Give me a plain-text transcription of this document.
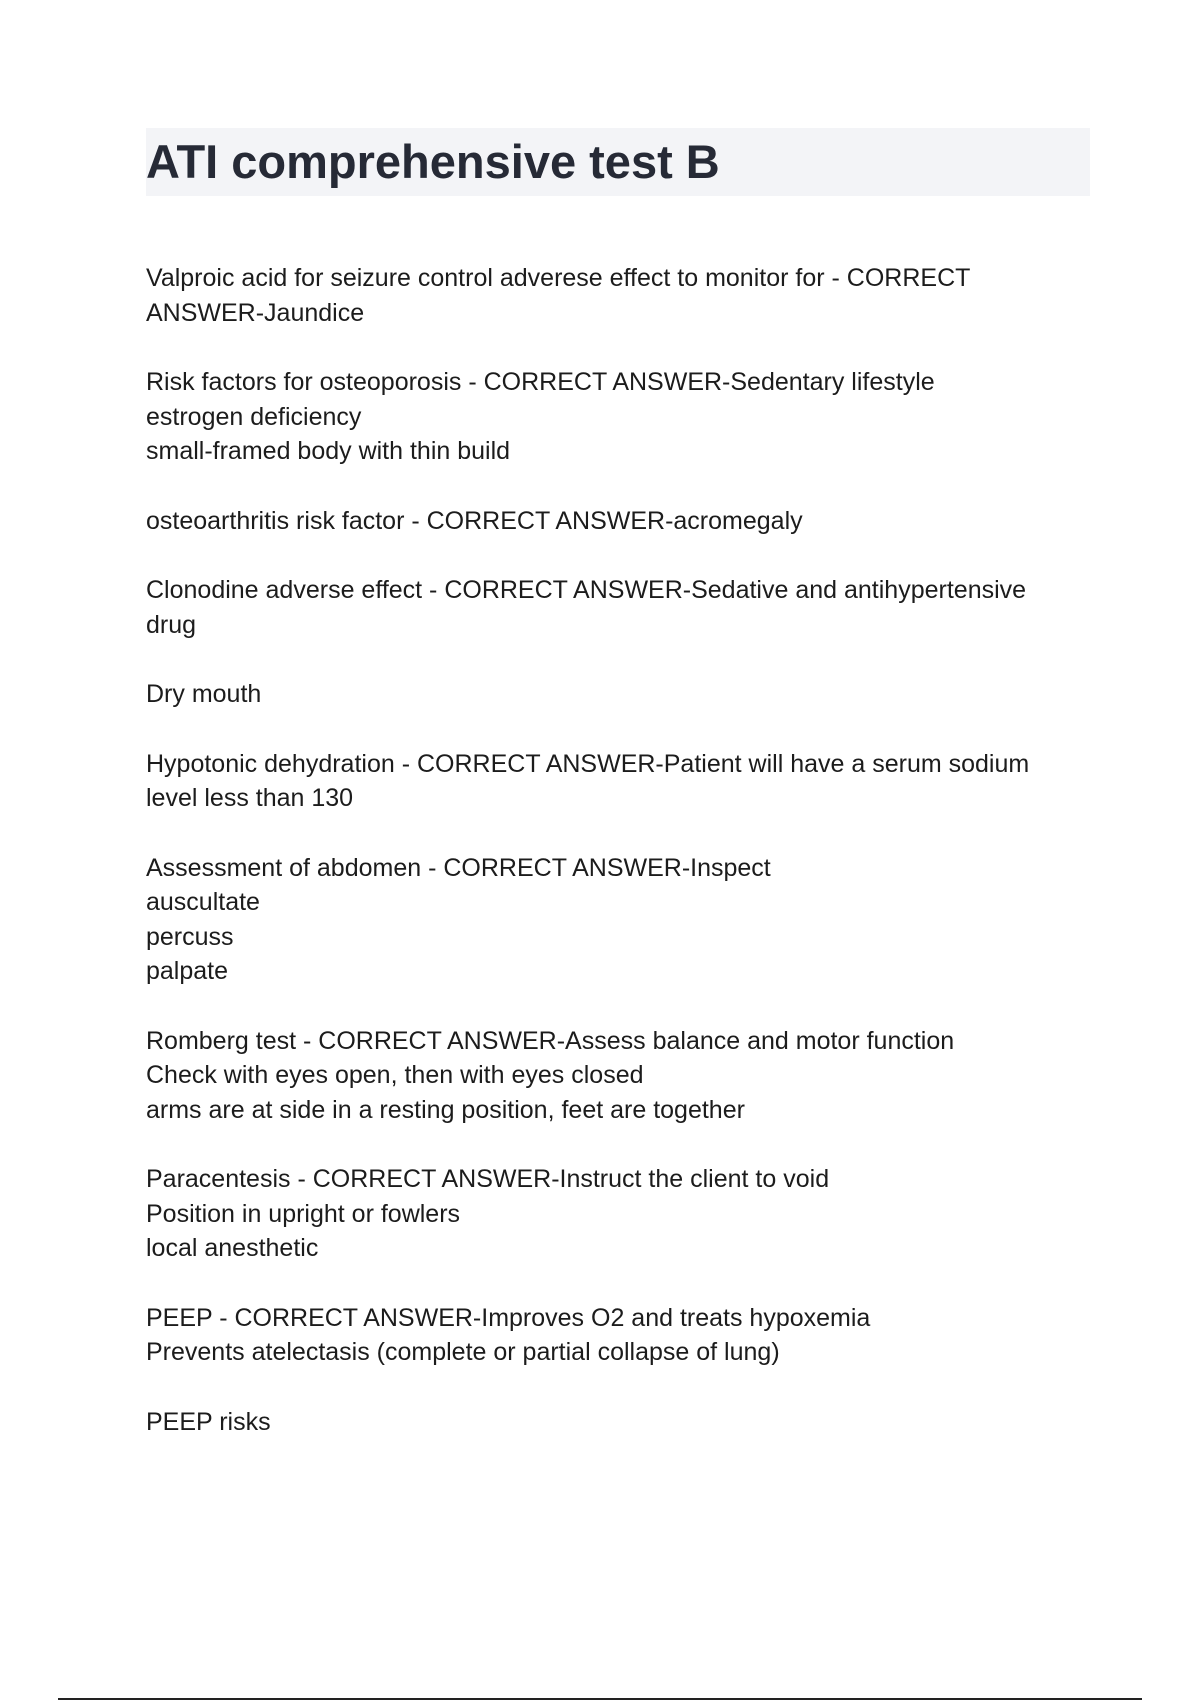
ATI comprehensive test B

Valproic acid for seizure control adverese effect to monitor for - CORRECT
ANSWER-Jaundice

Risk factors for osteoporosis - CORRECT ANSWER-Sedentary lifestyle
estrogen deficiency
small-framed body with thin build

osteoarthritis risk factor - CORRECT ANSWER-acromegaly

Clonodine adverse effect - CORRECT ANSWER-Sedative and antihypertensive
drug

Dry mouth

Hypotonic dehydration - CORRECT ANSWER-Patient will have a serum sodium
level less than 130

Assessment of abdomen - CORRECT ANSWER-Inspect
auscultate
percuss
palpate

Romberg test - CORRECT ANSWER-Assess balance and motor function
Check with eyes open, then with eyes closed
arms are at side in a resting position, feet are together

Paracentesis - CORRECT ANSWER-Instruct the client to void
Position in upright or fowlers
local anesthetic

PEEP - CORRECT ANSWER-Improves O2 and treats hypoxemia
Prevents atelectasis (complete or partial collapse of lung)

PEEP risks
